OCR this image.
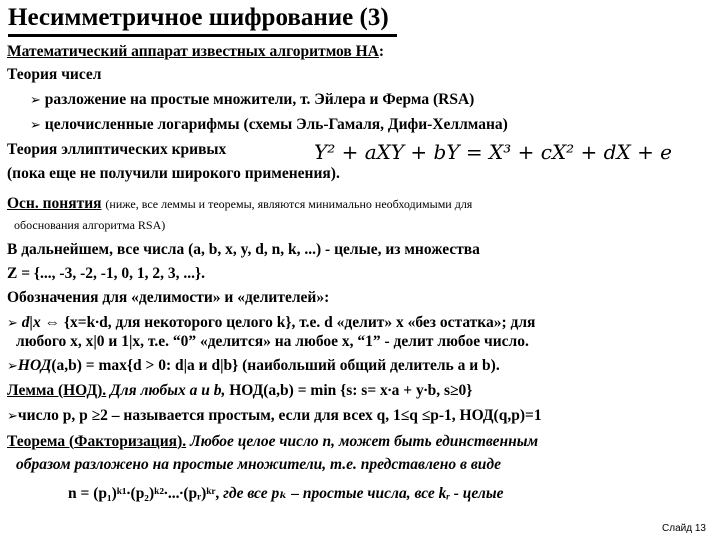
Несимметричное шифрование (3)
Математический аппарат известных алгоритмов НА:
Теория чисел
➢ разложение на простые множители, т. Эйлера и Ферма (RSA)
➢ целочисленные логарифмы (схемы Эль-Гамаля, Дифи-Хеллмана)
Теория эллиптических кривых	Y² + aXY + bY = X³ + cX² + dX + e
(пока еще не получили широкого применения).
Осн. понятия (ниже, все леммы и теоремы, являются минимально необходимыми для
обоснования алгоритма RSA)
В дальнейшем, все числа (a, b, x, y, d, n, k, ...) - целые, из множества
Z = {..., -3, -2, -1, 0, 1, 2, 3, ...}.
Обозначения для «делимости» и «делителей»:
➢ d|x ⇔ {x=k∙d, для некоторого целого k}, т.е. d «делит» x «без остатка»; для
любого x, x|0 и 1|x, т.е. “0” «делится» на любое x, “1” - делит любое число.
➢НОД(a,b) = max{d > 0: d|a и d|b} (наибольший общий делитель a и b).
Лемма (НОД). Для любых a и b, НОД(a,b) = min {s: s= x∙a + y∙b, s≥0}
➢число p, p ≥2 – называется простым, если для всех q, 1≤q ≤p-1, НОД(q,p)=1
Теорема (Факторизация). Любое целое число n, может быть единственным
образом разложено на простые множители, т.е. представлено в виде
n = (p₁)ᵏ¹∙(p₂)ᵏ²∙...∙(pᵣ)ᵏʳ, где все pₖ – простые числа, все kᵣ - целые
Слайд 13
